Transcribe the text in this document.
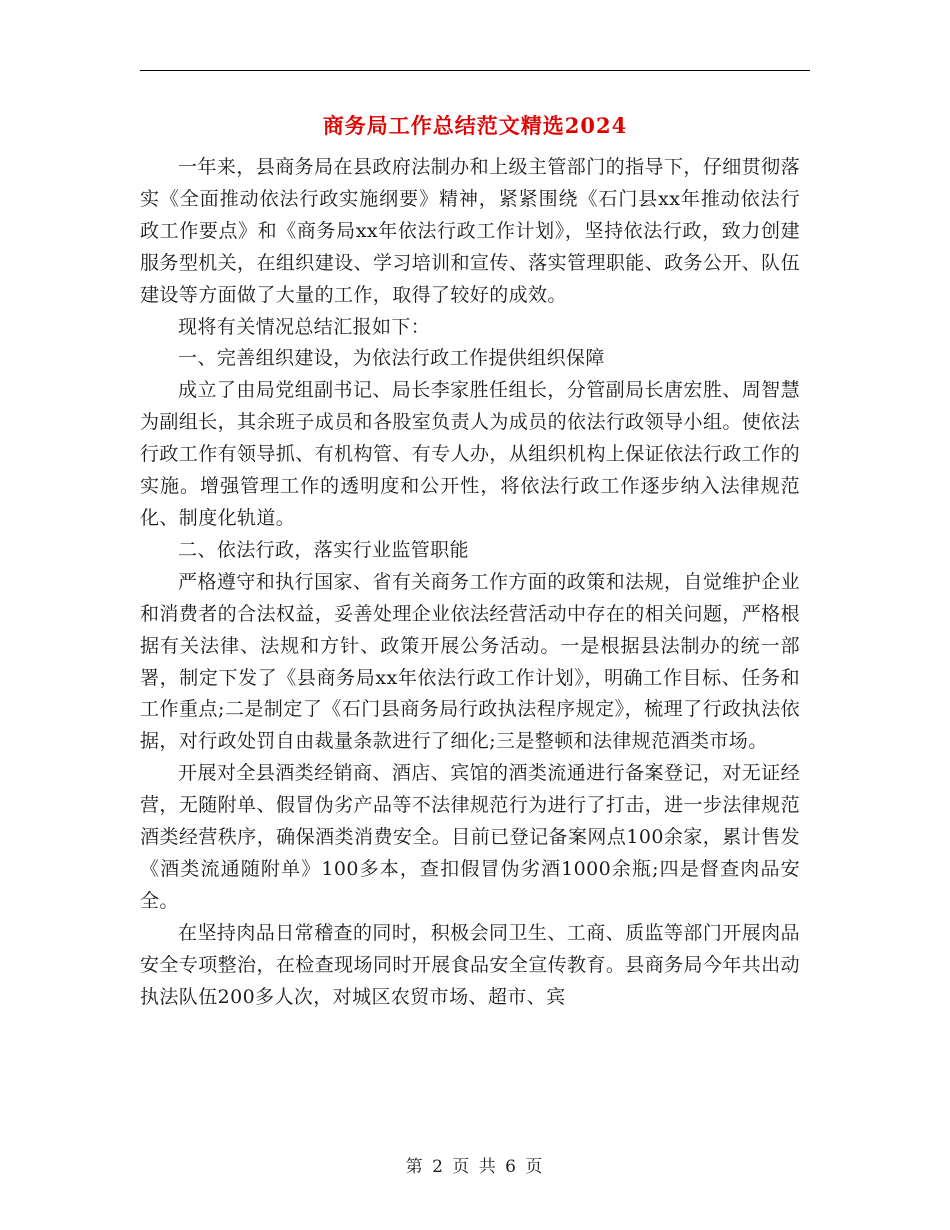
商务局工作总结范文精选2024

一年来，县商务局在县政府法制办和上级主管部门的指导下，仔细贯彻落实《全面推动依法行政实施纲要》精神，紧紧围绕《石门县xx年推动依法行政工作要点》和《商务局xx年依法行政工作计划》，坚持依法行政，致力创建服务型机关，在组织建设、学习培训和宣传、落实管理职能、政务公开、队伍建设等方面做了大量的工作，取得了较好的成效。

现将有关情况总结汇报如下：

一、完善组织建设，为依法行政工作提供组织保障

成立了由局党组副书记、局长李家胜任组长，分管副局长唐宏胜、周智慧为副组长，其余班子成员和各股室负责人为成员的依法行政领导小组。使依法行政工作有领导抓、有机构管、有专人办，从组织机构上保证依法行政工作的实施。增强管理工作的透明度和公开性，将依法行政工作逐步纳入法律规范化、制度化轨道。

二、依法行政，落实行业监管职能

严格遵守和执行国家、省有关商务工作方面的政策和法规，自觉维护企业和消费者的合法权益，妥善处理企业依法经营活动中存在的相关问题，严格根据有关法律、法规和方针、政策开展公务活动。一是根据县法制办的统一部署，制定下发了《县商务局xx年依法行政工作计划》，明确工作目标、任务和工作重点;二是制定了《石门县商务局行政执法程序规定》，梳理了行政执法依据，对行政处罚自由裁量条款进行了细化;三是整顿和法律规范酒类市场。

开展对全县酒类经销商、酒店、宾馆的酒类流通进行备案登记，对无证经营，无随附单、假冒伪劣产品等不法律规范行为进行了打击，进一步法律规范酒类经营秩序，确保酒类消费安全。目前已登记备案网点100余家，累计售发《酒类流通随附单》100多本，查扣假冒伪劣酒1000余瓶;四是督查肉品安全。

在坚持肉品日常稽查的同时，积极会同卫生、工商、质监等部门开展肉品安全专项整治，在检查现场同时开展食品安全宣传教育。县商务局今年共出动执法队伍200多人次，对城区农贸市场、超市、宾

第 2 页 共 6 页
